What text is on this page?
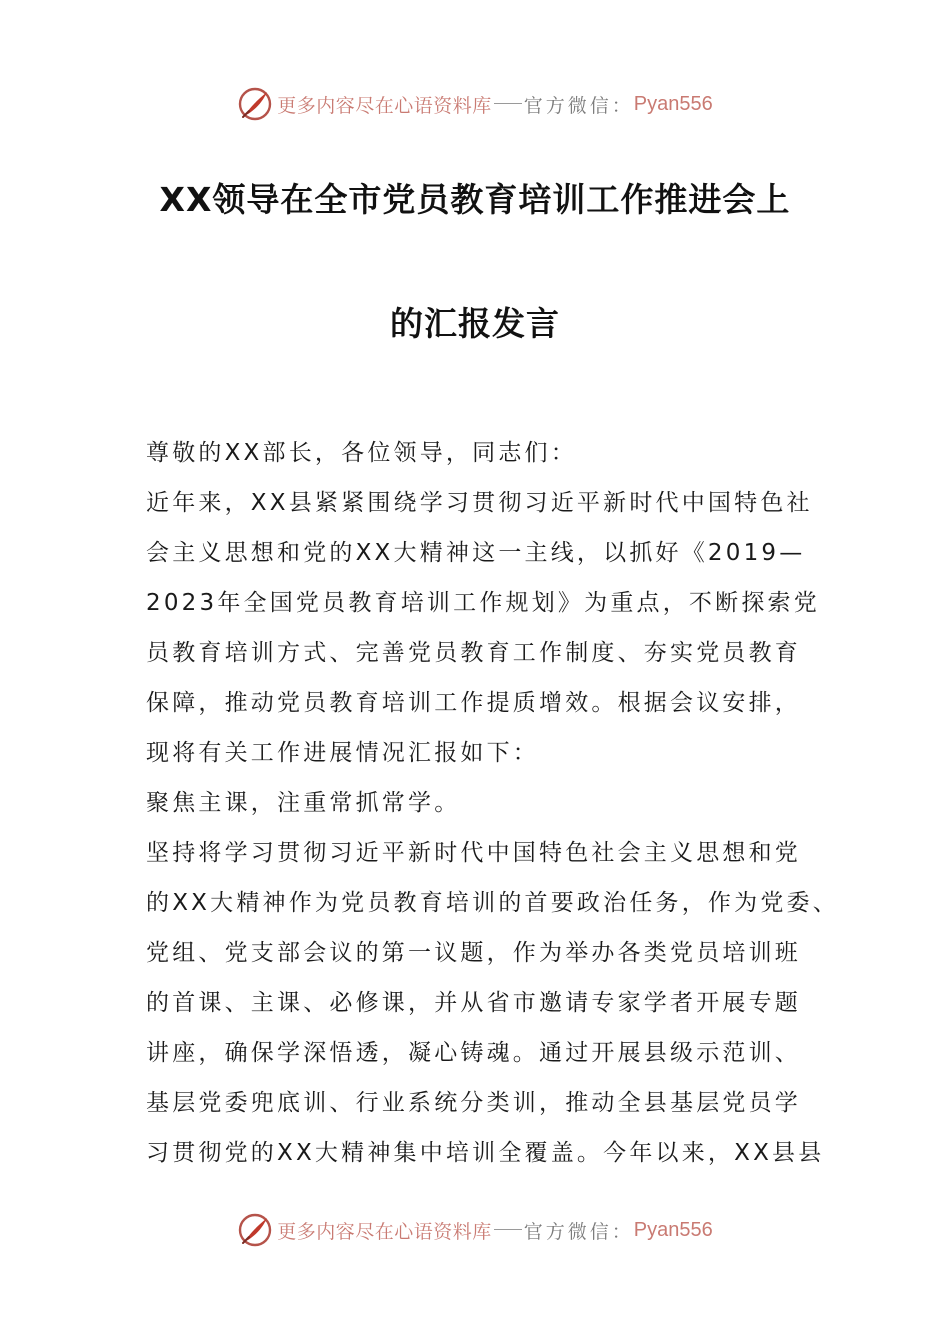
更多内容尽在心语资料库 官方微信： Pyan556
XX领导在全市党员教育培训工作推进会上
的汇报发言
尊敬的XX部长，各位领导，同志们：
近年来，XX县紧紧围绕学习贯彻习近平新时代中国特色社
会主义思想和党的XX大精神这一主线，以抓好《2019—
2023年全国党员教育培训工作规划》为重点，不断探索党
员教育培训方式、完善党员教育工作制度、夯实党员教育
保障，推动党员教育培训工作提质增效。根据会议安排，
现将有关工作进展情况汇报如下：
聚焦主课，注重常抓常学。
坚持将学习贯彻习近平新时代中国特色社会主义思想和党
的XX大精神作为党员教育培训的首要政治任务，作为党委、
党组、党支部会议的第一议题，作为举办各类党员培训班
的首课、主课、必修课，并从省市邀请专家学者开展专题
讲座，确保学深悟透，凝心铸魂。通过开展县级示范训、
基层党委兜底训、行业系统分类训，推动全县基层党员学
习贯彻党的XX大精神集中培训全覆盖。今年以来，XX县县
更多内容尽在心语资料库 官方微信： Pyan556
